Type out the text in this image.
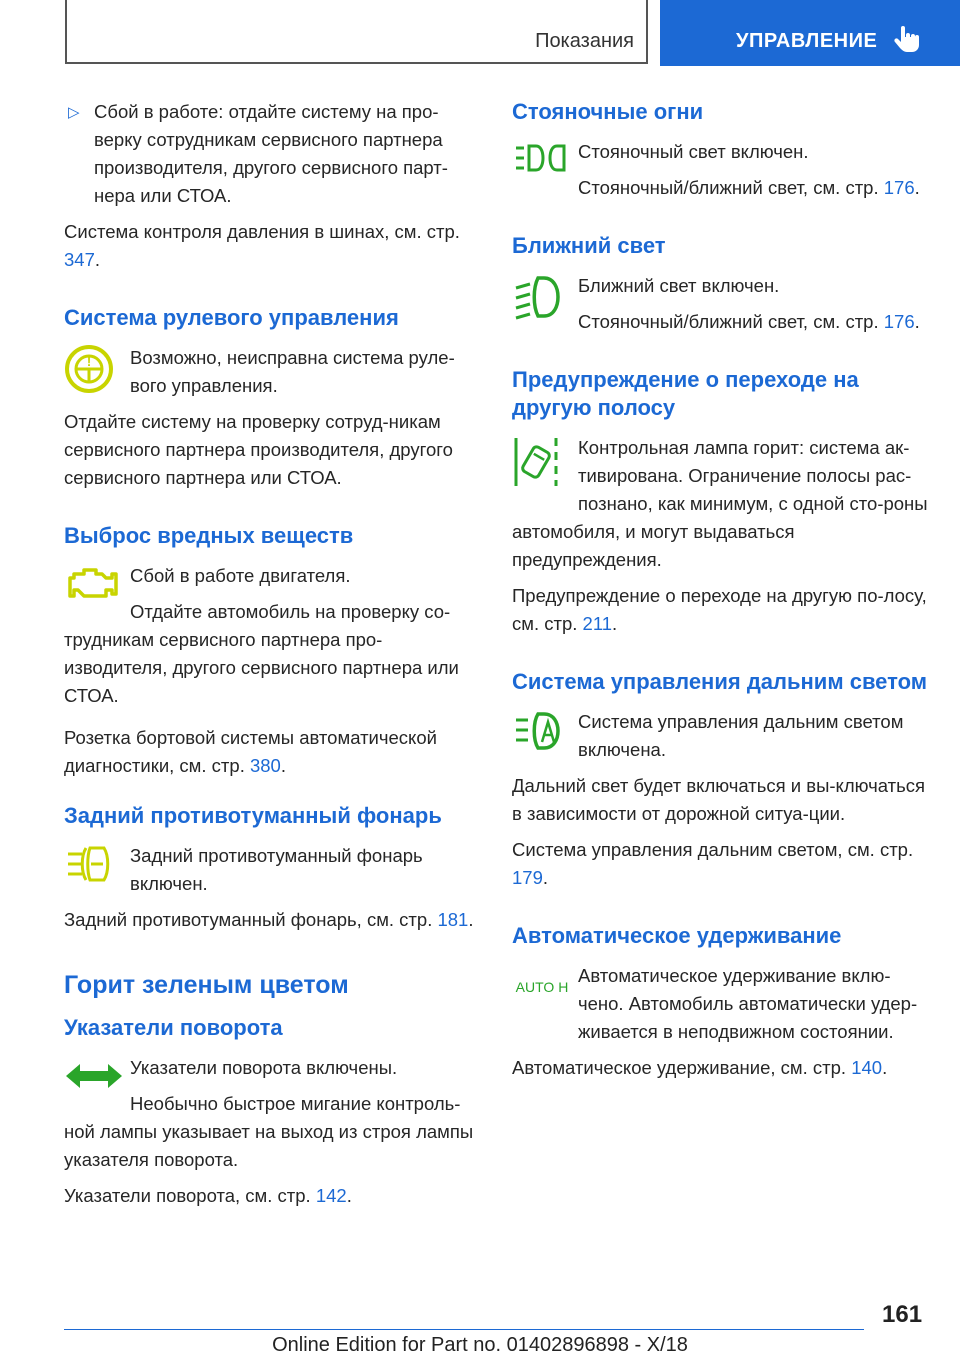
Показания	УПРАВЛЕНИЕ

▷ Сбой в работе: отдайте систему на про-верку сотрудникам сервисного партнера производителя, другого сервисного парт-нера или СТОА.

Система контроля давления в шинах, см. стр. 347.

Система рулевого управления
!	Возможно, неисправна система руле-вого управления.

Отдайте систему на проверку сотруд-никам сервисного партнера производителя, другого сервисного партнера или СТОА.

Выброс вредных веществ

Сбой в работе двигателя.

Отдайте автомобиль на проверку со-трудникам сервисного партнера про-изводителя, другого сервисного партнера или СТОА.

Розетка бортовой системы автоматической диагностики, см. стр. 380.

Задний противотуманный фонарь

Задний противотуманный фонарь включен.

Задний противотуманный фонарь, см. стр. 181.

Горит зеленым цветом
Указатели поворота

Указатели поворота включены.

Необычно быстрое мигание контроль-ной лампы указывает на выход из строя лампы указателя поворота.

Указатели поворота, см. стр. 142.

Стояночные огни

Стояночный свет включен.

Стояночный/ближний свет, см. стр. 176.

Ближний свет

Ближний свет включен.

Стояночный/ближний свет, см. стр. 176.

Предупреждение о переходе на другую полосу

Контрольная лампа горит: система ак-тивирована. Ограничение полосы рас-познано, как минимум, с одной сто-роны автомобиля, и могут выдаваться предупреждения.

Предупреждение о переходе на другую по-лосу, см. стр. 211.

Система управления дальним светом

Система управления дальним светом включена.

Дальний свет будет включаться и вы-ключаться в зависимости от дорожной ситуа-ции.

Система управления дальним светом, см. стр. 179.

Автоматическое удерживание
AUTO H

Автоматическое удерживание вклю-чено. Автомобиль автоматически удер-живается в неподвижном состоянии.

Автоматическое удерживание, см. стр. 140.

161
Online Edition for Part no. 01402896898 - X/18
